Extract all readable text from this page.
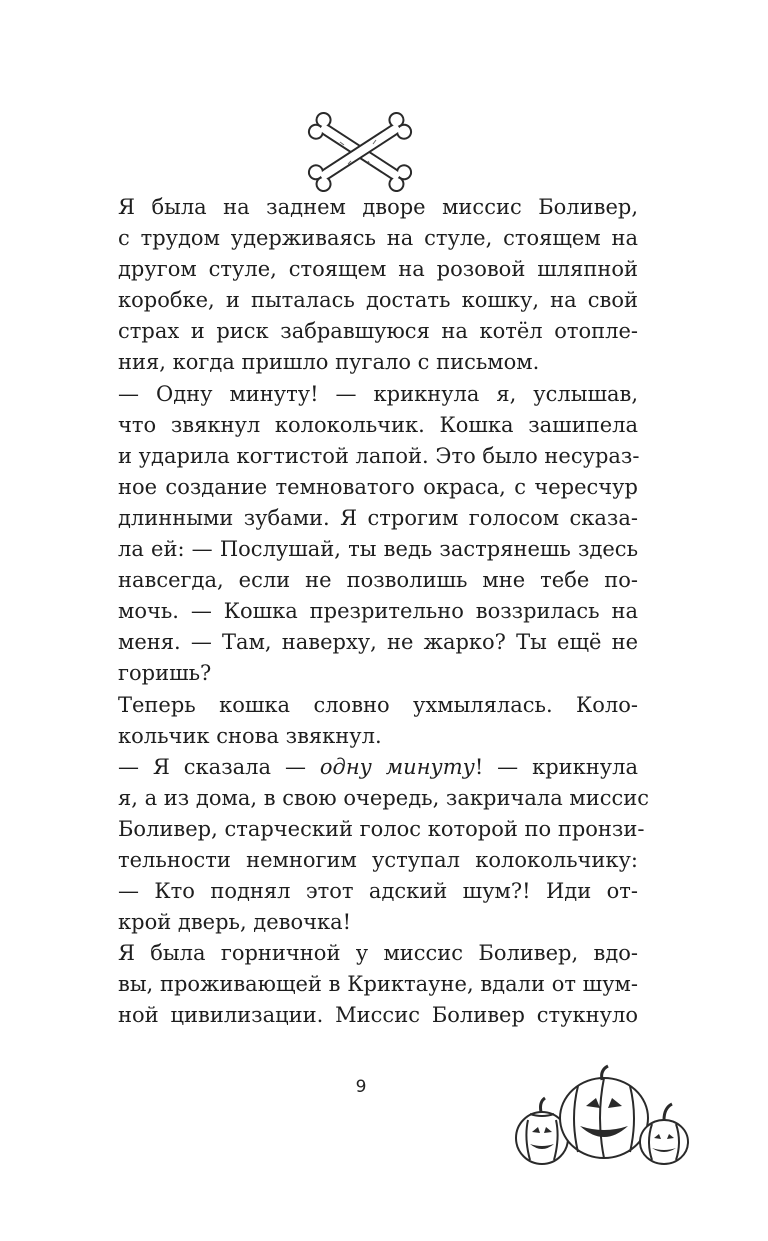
Я была на заднем дворе миссис Боливер,
с трудом удерживаясь на стуле, стоящем на
другом стуле, стоящем на розовой шляпной
коробке, и пыталась достать кошку, на свой
страх и риск забравшуюся на котёл отопле-
ния, когда пришло пугало с письмом.
— Одну минуту! — крикнула я, услышав,
что звякнул колокольчик. Кошка зашипела
и ударила когтистой лапой. Это было несураз-
ное создание темноватого окраса, с чересчур
длинными зубами. Я строгим голосом сказа-
ла ей: — Послушай, ты ведь застрянешь здесь
навсегда, если не позволишь мне тебе по-
мочь. — Кошка презрительно воззрилась на
меня. — Там, наверху, не жарко? Ты ещё не
горишь?
Теперь кошка словно ухмылялась. Коло-
кольчик снова звякнул.
— Я сказала — одну минуту! — крикнула
я, а из дома, в свою очередь, закричала миссис
Боливер, старческий голос которой по пронзи-
тельности немногим уступал колокольчику:
— Кто поднял этот адский шум?! Иди от-
крой дверь, девочка!
Я была горничной у миссис Боливер, вдо-
вы, проживающей в Криктауне, вдали от шум-
ной цивилизации. Миссис Боливер стукнуло
9
